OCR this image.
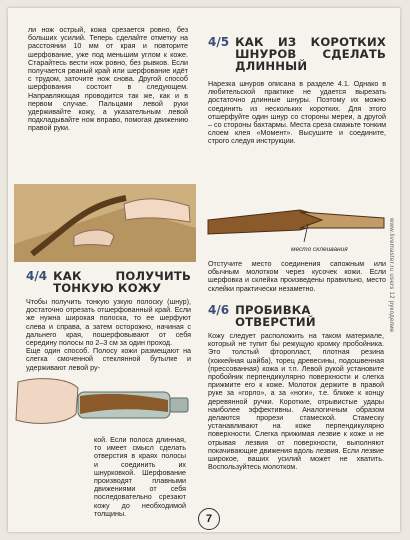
ли нож острый, кожа срезается ровно, без больших усилий. Теперь сделайте отметку на расстоянии 10 мм от края и повторите шерфование, уже под меньшим углом к коже. Старайтесь вести нож ровно, без рывков. Если получается рваный край или шерфование идёт с трудом, заточите нож снова. Другой способ шерфования состоит в следующем. Направляющая проводится так же, как и в первом случае. Пальцами левой руки удерживайте кожу, а указательным левой подкладывайте нож вправо, помогая движению правой руки.

4/4 КАК ПОЛУЧИТЬ ТОНКУЮ КОЖУ

Чтобы получить тонкую узкую полоску (шнур), достаточно отрезать отшерфованный край. Если же нужна широкая полоска, то ее шерфуют слева и справа, а затем осторожно, начиная с дальнего края, пошерфовывают от себя середину полосы по 2–3 см за один проход.

Еще один способ. Полосу кожи размещают на слегка смоченной стеклянной бутылке и удерживают левой ру-

кой. Если полоса длинная, то имеет смысл сделать отверстия в краях полосы и соединить их шнурковкой. Шерфование производят плавными движениями от себя последовательно срезают кожу до необходимой толщины.

4/5 КАК ИЗ КОРОТКИХ ШНУРОВ СДЕЛАТЬ ДЛИННЫЙ

Нарезка шнуров описана в разделе 4.1. Однако в любительской практике не удается вырезать достаточно длинные шнуры. Поэтому их можно соединить из нескольких коротких. Для этого отшерфуйте один шнур со стороны мереи, а другой – со стороны бахтармы. Места среза смажьте тонким слоем клея «Момент». Высушите и соедините, строго следуя инструкции.

место склеивания

Отстучите место соединения сапожным или обычным молотком через кусочек кожи. Если шерфовка и склейка произведены правильно, место склейки практически незаметно.

4/6 ПРОБИВКА ОТВЕРСТИЙ

Кожу следует расположить на таком материале, который не тупит бы режущую кромку пробойника. Это толстый фторопласт, плотная резина (хоккейная шайба), торец древесины, подошвенная (прессованная) кожа и т.п. Левой рукой установите пробойник перпендикулярно поверхности и слегка прижмите его к коже. Молоток держите в правой руке за «горло», а за «ноги», т.е. ближе к концу деревянной ручки. Короткие, отрывистые удары наиболее эффективны. Аналогичным образом делаются прорези стамеской. Стамеску устанавливают на коже перпендикулярно поверхности. Слегка прижимая лезвие к коже и не отрывая лезвия от поверхности, выполняют покачивающие движения вдоль лезвия. Если лезвие широкое, ваших усилий может не хватить. Воспользуйтесь молотком.

www.livemaster.ru users 12 рукоделие
7
